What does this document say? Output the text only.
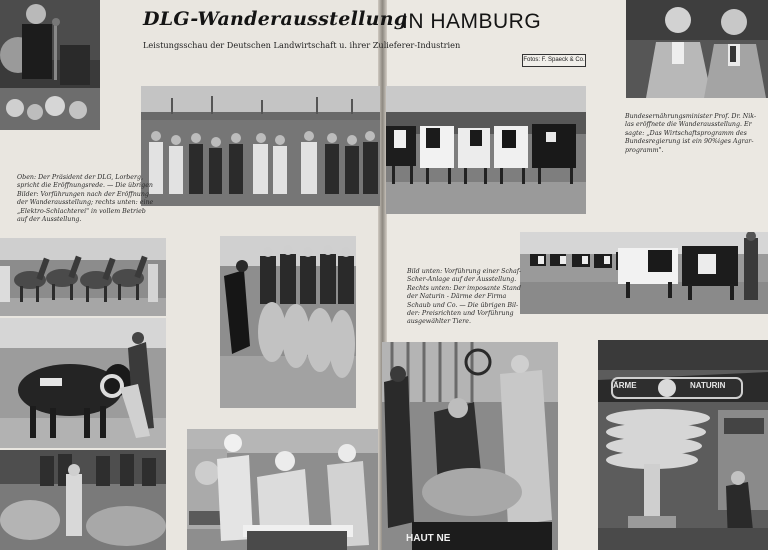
DLG-Wanderausstellung
Leistungsschau der Deutschen Landwirtschaft u. ihrer Zulieferer-Industrien
IN HAMBURG
Fotos: F. Spaeck & Co.
ÄRME	NATURIN
HAUT NE
Oben: Der Präsident der DLG, Lorberg,
spricht die Eröffnungsrede. — Die übrigen
Bilder: Vorführungen nach der Eröffnung
der Wanderausstellung; rechts unten: eine
„Elektro-Schlachterei" in vollem Betrieb
auf der Ausstellung.
Bundesernährungsminister Prof. Dr. Nik-
las eröffnete die Wanderausstellung. Er
sagte: „Das Wirtschaftsprogramm des
Bundesregierung ist ein 90%iges Agrar-
programm".
Bild unten: Vorführung einer Schaf-
Scher-Anlage auf der Ausstellung.
Rechts unten: Der imposante Stand
der Naturin - Därme der Firma
Schaub und Co. — Die übrigen Bil-
der: Preisrichten und Vorführung
ausgewählter Tiere.
